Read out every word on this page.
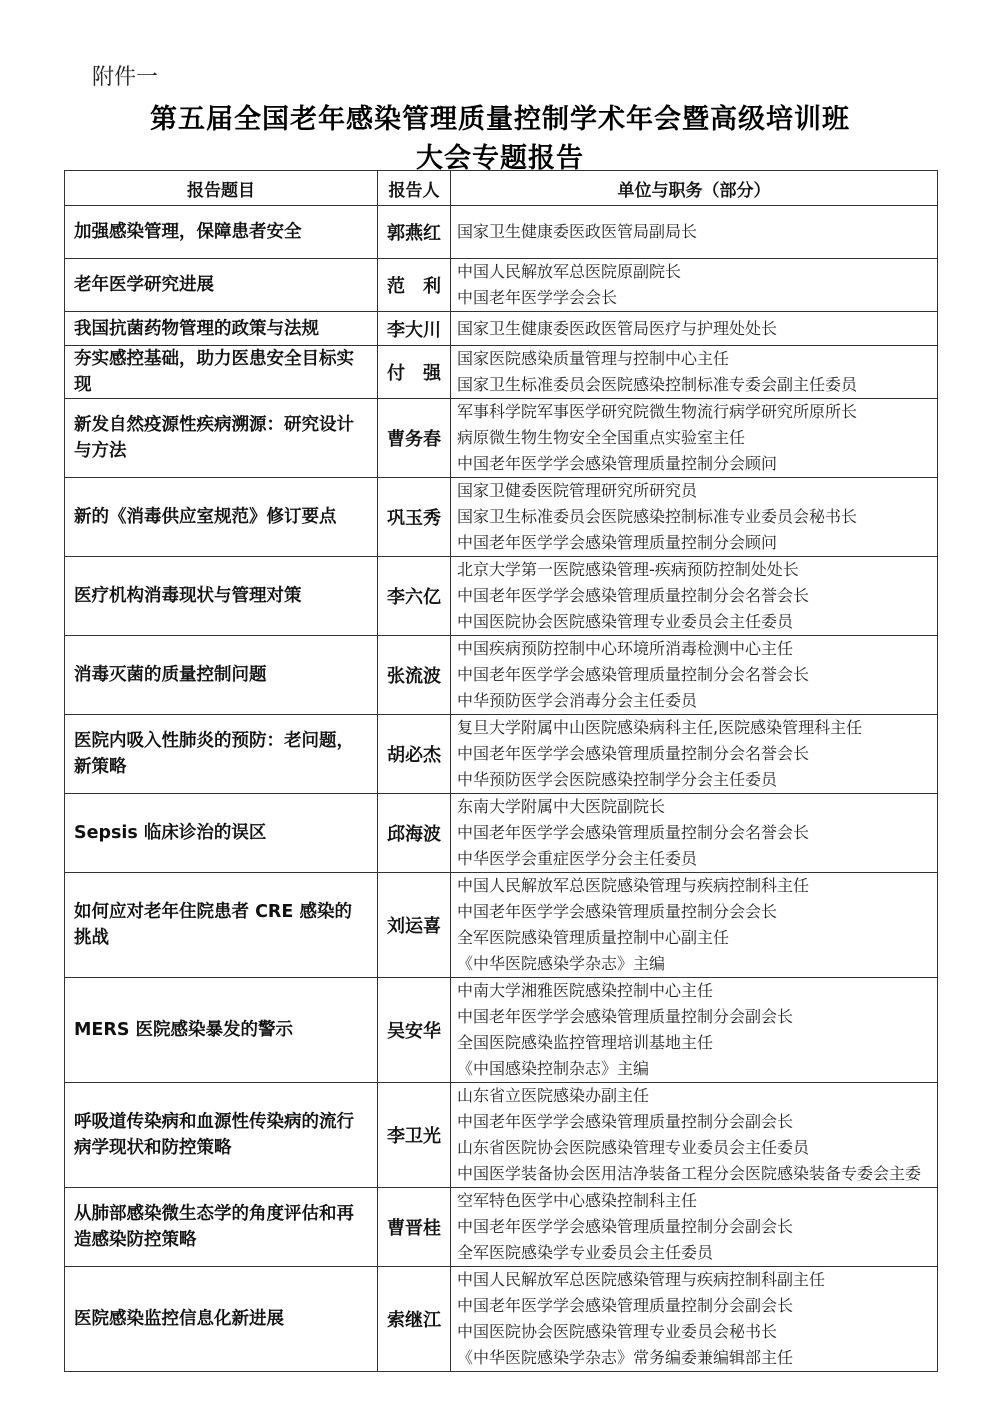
附件一
第五届全国老年感染管理质量控制学术年会暨高级培训班
大会专题报告
报告题目	报告人	单位与职务（部分）
加强感染管理，保障患者安全	郭燕红	国家卫生健康委医政医管局副局长

老年医学研究进展	范　利	中国人民解放军总医院原副院长
中国老年医学学会会长

我国抗菌药物管理的政策与法规	李大川	国家卫生健康委医政医管局医疗与护理处处长

夯实感控基础，助力医患安全目标实现	付　强	国家医院感染质量管理与控制中心主任
国家卫生标准委员会医院感染控制标准专委会副主任委员

新发自然疫源性疾病溯源：研究设计与方法	曹务春	军事科学院军事医学研究院微生物流行病学研究所原所长
病原微生物生物安全全国重点实验室主任
中国老年医学学会感染管理质量控制分会顾问

新的《消毒供应室规范》修订要点	巩玉秀	国家卫健委医院管理研究所研究员
国家卫生标准委员会医院感染控制标准专业委员会秘书长
中国老年医学学会感染管理质量控制分会顾问

医疗机构消毒现状与管理对策	李六亿	北京大学第一医院感染管理-疾病预防控制处处长
中国老年医学学会感染管理质量控制分会名誉会长
中国医院协会医院感染管理专业委员会主任委员

消毒灭菌的质量控制问题	张流波	中国疾病预防控制中心环境所消毒检测中心主任
中国老年医学学会感染管理质量控制分会名誉会长
中华预防医学会消毒分会主任委员

医院内吸入性肺炎的预防：老问题，新策略	胡必杰	复旦大学附属中山医院感染病科主任,医院感染管理科主任
中国老年医学学会感染管理质量控制分会名誉会长
中华预防医学会医院感染控制学分会主任委员

Sepsis 临床诊治的误区	邱海波	东南大学附属中大医院副院长
中国老年医学学会感染管理质量控制分会名誉会长
中华医学会重症医学分会主任委员

如何应对老年住院患者 CRE 感染的挑战	刘运喜	中国人民解放军总医院感染管理与疾病控制科主任
中国老年医学学会感染管理质量控制分会会长
全军医院感染管理质量控制中心副主任
《中华医院感染学杂志》主编

MERS 医院感染暴发的警示	吴安华	中南大学湘雅医院感染控制中心主任
中国老年医学学会感染管理质量控制分会副会长
全国医院感染监控管理培训基地主任
《中国感染控制杂志》主编

呼吸道传染病和血源性传染病的流行病学现状和防控策略	李卫光	山东省立医院感染办副主任
中国老年医学学会感染管理质量控制分会副会长
山东省医院协会医院感染管理专业委员会主任委员
中国医学装备协会医用洁净装备工程分会医院感染装备专委会主委

从肺部感染微生态学的角度评估和再造感染防控策略	曹晋桂	空军特色医学中心感染控制科主任
中国老年医学学会感染管理质量控制分会副会长
全军医院感染学专业委员会主任委员

医院感染监控信息化新进展	索继江	中国人民解放军总医院感染管理与疾病控制科副主任
中国老年医学学会感染管理质量控制分会副会长
中国医院协会医院感染管理专业委员会秘书长
《中华医院感染学杂志》常务编委兼编辑部主任
